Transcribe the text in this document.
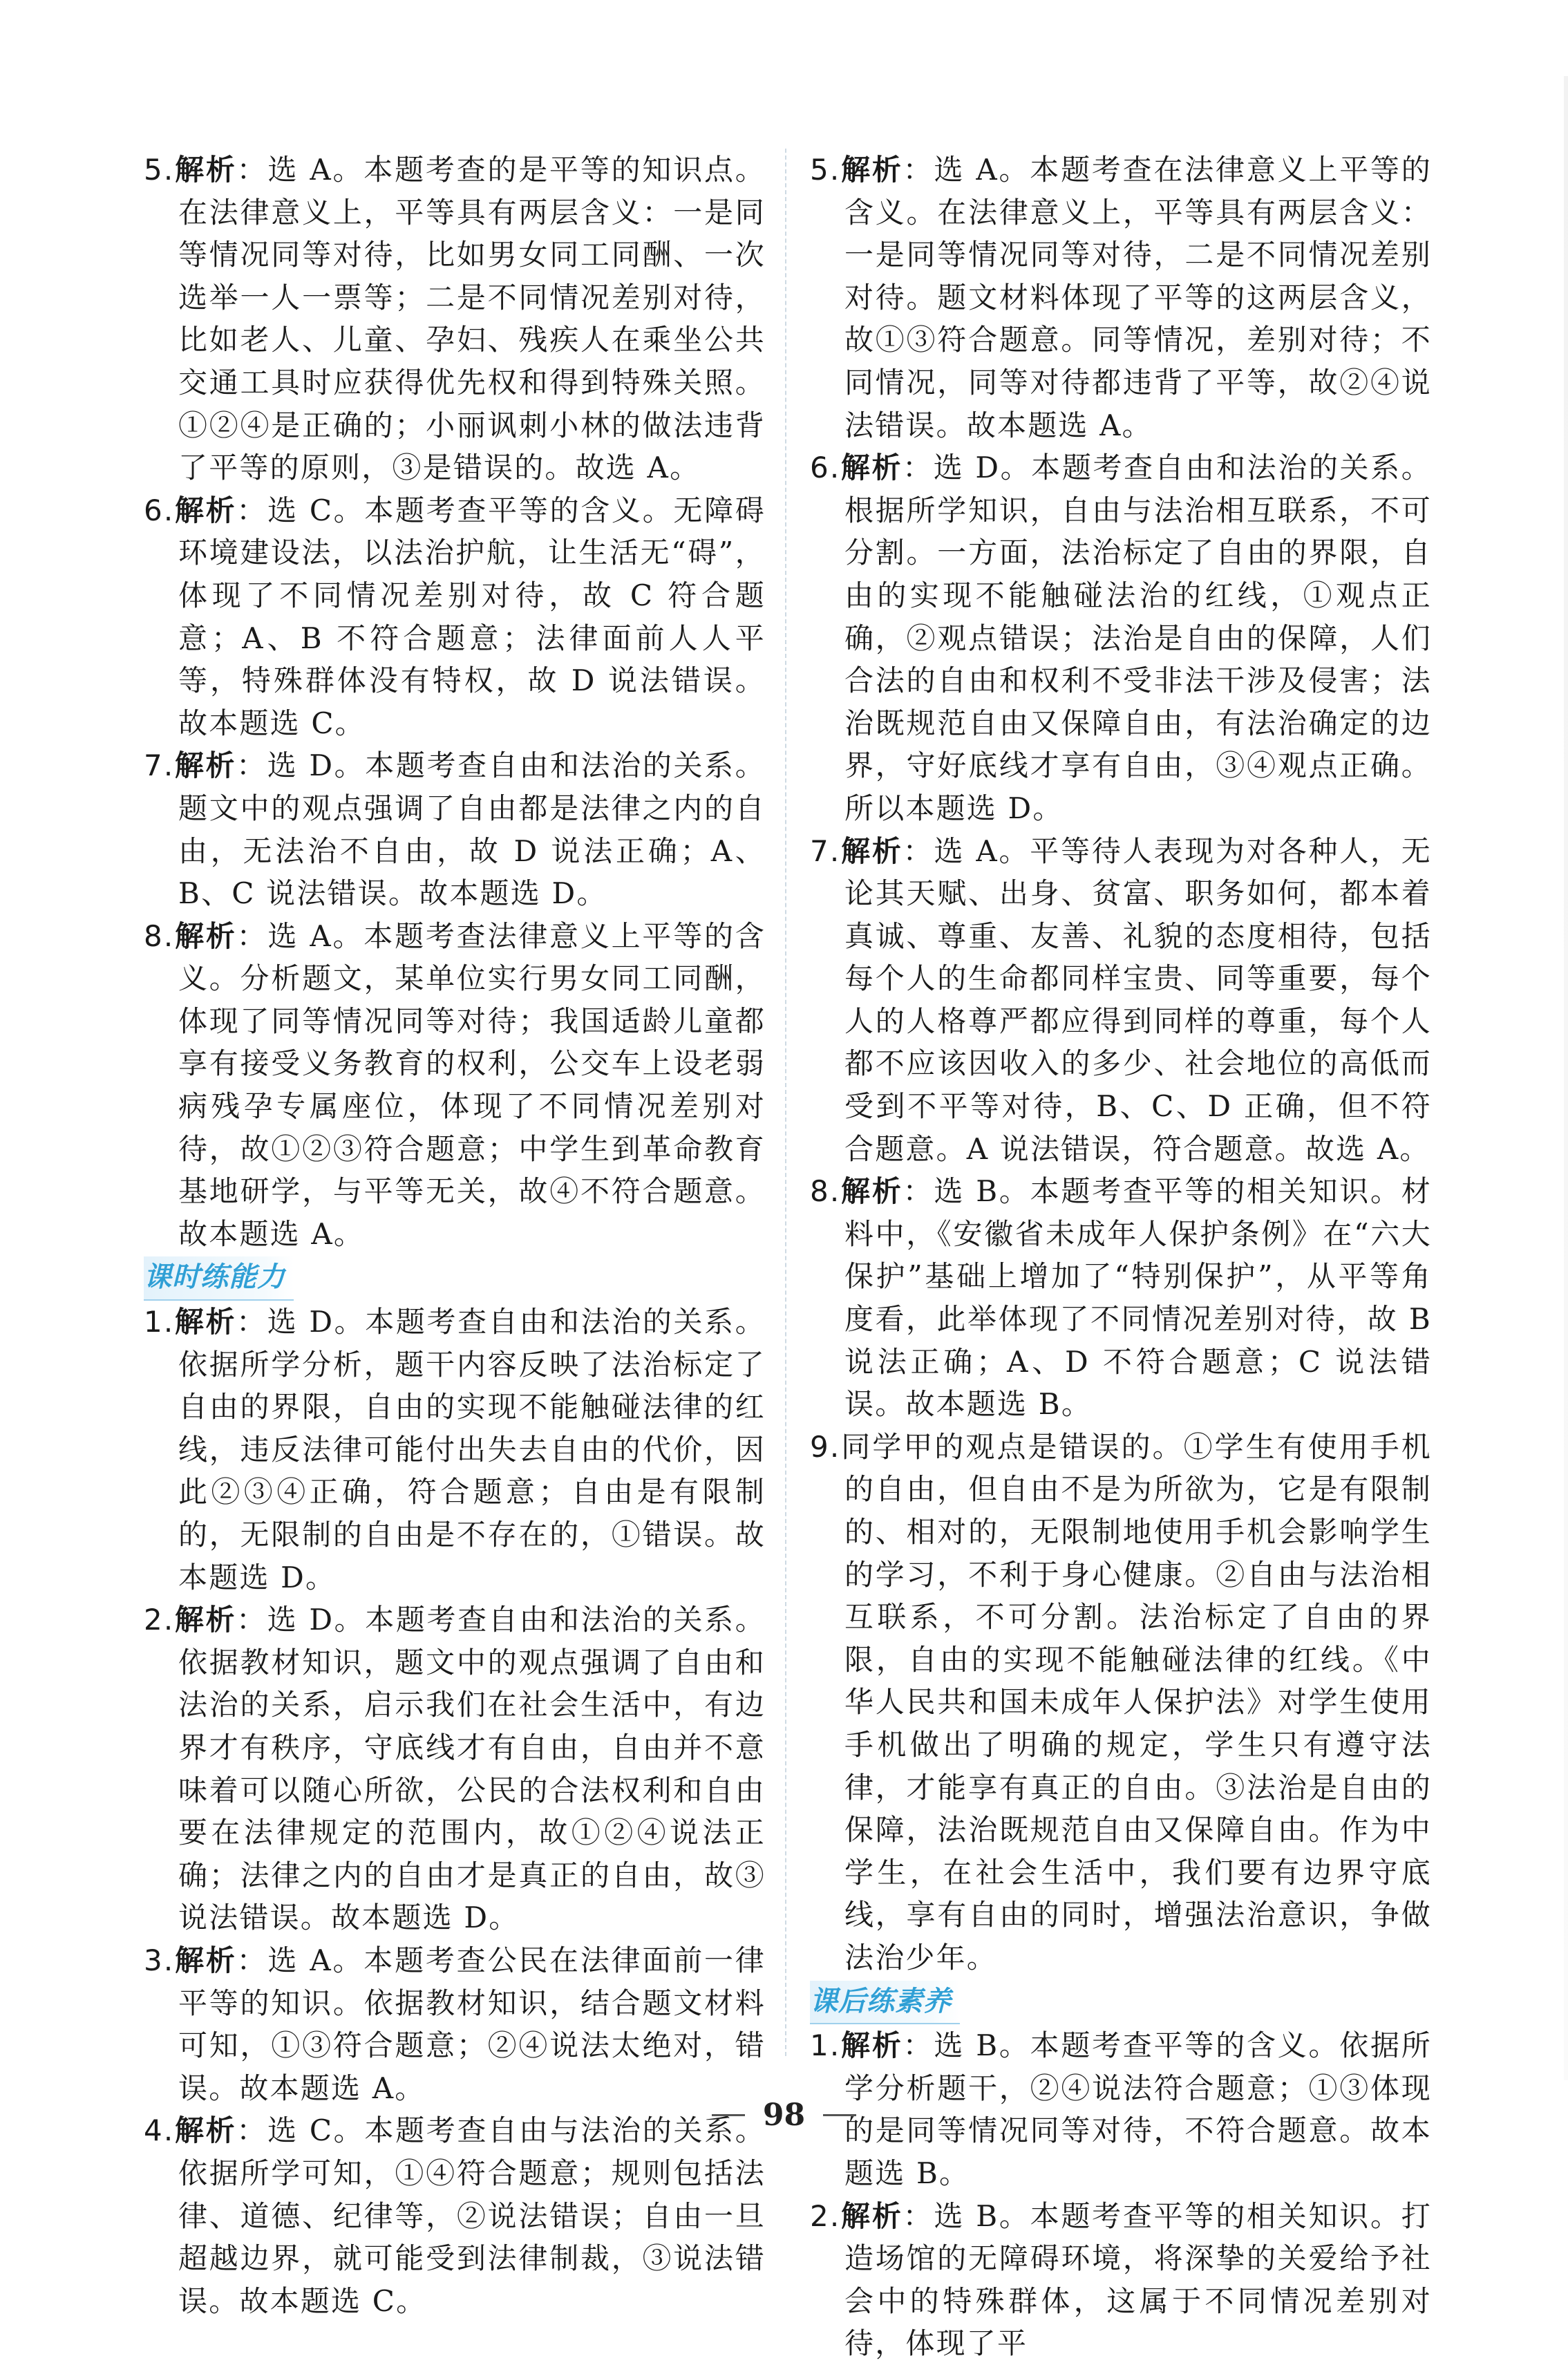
5.解析：选 A。本题考查的是平等的知识点。在法律意义上，平等具有两层含义：一是同等情况同等对待，比如男女同工同酬、一次选举一人一票等；二是不同情况差别对待，比如老人、儿童、孕妇、残疾人在乘坐公共交通工具时应获得优先权和得到特殊关照。①②④是正确的；小丽讽刺小林的做法违背了平等的原则，③是错误的。故选 A。

6.解析：选 C。本题考查平等的含义。无障碍环境建设法，以法治护航，让生活无“碍”，体现了不同情况差别对待，故 C 符合题意；A、B 不符合题意；法律面前人人平等，特殊群体没有特权，故 D 说法错误。故本题选 C。

7.解析：选 D。本题考查自由和法治的关系。题文中的观点强调了自由都是法律之内的自由，无法治不自由，故 D 说法正确；A、B、C 说法错误。故本题选 D。

8.解析：选 A。本题考查法律意义上平等的含义。分析题文，某单位实行男女同工同酬，体现了同等情况同等对待；我国适龄儿童都享有接受义务教育的权利，公交车上设老弱病残孕专属座位，体现了不同情况差别对待，故①②③符合题意；中学生到革命教育基地研学，与平等无关，故④不符合题意。故本题选 A。

课时练能力

1.解析：选 D。本题考查自由和法治的关系。依据所学分析，题干内容反映了法治标定了自由的界限，自由的实现不能触碰法律的红线，违反法律可能付出失去自由的代价，因此②③④正确，符合题意；自由是有限制的，无限制的自由是不存在的，①错误。故本题选 D。

2.解析：选 D。本题考查自由和法治的关系。依据教材知识，题文中的观点强调了自由和法治的关系，启示我们在社会生活中，有边界才有秩序，守底线才有自由，自由并不意味着可以随心所欲，公民的合法权利和自由要在法律规定的范围内，故①②④说法正确；法律之内的自由才是真正的自由，故③说法错误。故本题选 D。

3.解析：选 A。本题考查公民在法律面前一律平等的知识。依据教材知识，结合题文材料可知，①③符合题意；②④说法太绝对，错误。故本题选 A。

4.解析：选 C。本题考查自由与法治的关系。依据所学可知，①④符合题意；规则包括法律、道德、纪律等，②说法错误；自由一旦超越边界，就可能受到法律制裁，③说法错误。故本题选 C。

5.解析：选 A。本题考查在法律意义上平等的含义。在法律意义上，平等具有两层含义：一是同等情况同等对待，二是不同情况差别对待。题文材料体现了平等的这两层含义，故①③符合题意。同等情况，差别对待；不同情况，同等对待都违背了平等，故②④说法错误。故本题选 A。

6.解析：选 D。本题考查自由和法治的关系。根据所学知识，自由与法治相互联系，不可分割。一方面，法治标定了自由的界限，自由的实现不能触碰法治的红线，①观点正确，②观点错误；法治是自由的保障，人们合法的自由和权利不受非法干涉及侵害；法治既规范自由又保障自由，有法治确定的边界，守好底线才享有自由，③④观点正确。所以本题选 D。

7.解析：选 A。平等待人表现为对各种人，无论其天赋、出身、贫富、职务如何，都本着真诚、尊重、友善、礼貌的态度相待，包括每个人的生命都同样宝贵、同等重要，每个人的人格尊严都应得到同样的尊重，每个人都不应该因收入的多少、社会地位的高低而受到不平等对待，B、C、D 正确，但不符合题意。A 说法错误，符合题意。故选 A。

8.解析：选 B。本题考查平等的相关知识。材料中，《安徽省未成年人保护条例》在“六大保护”基础上增加了“特别保护”，从平等角度看，此举体现了不同情况差别对待，故 B 说法正确；A、D 不符合题意；C 说法错误。故本题选 B。

9.同学甲的观点是错误的。①学生有使用手机的自由，但自由不是为所欲为，它是有限制的、相对的，无限制地使用手机会影响学生的学习，不利于身心健康。②自由与法治相互联系，不可分割。法治标定了自由的界限，自由的实现不能触碰法律的红线。《中华人民共和国未成年人保护法》对学生使用手机做出了明确的规定，学生只有遵守法律，才能享有真正的自由。③法治是自由的保障，法治既规范自由又保障自由。作为中学生，在社会生活中，我们要有边界守底线，享有自由的同时，增强法治意识，争做法治少年。

课后练素养

1.解析：选 B。本题考查平等的含义。依据所学分析题干，②④说法符合题意；①③体现的是同等情况同等对待，不符合题意。故本题选 B。

2.解析：选 B。本题考查平等的相关知识。打造场馆的无障碍环境，将深挚的关爱给予社会中的特殊群体，这属于不同情况差别对待，体现了平

98
